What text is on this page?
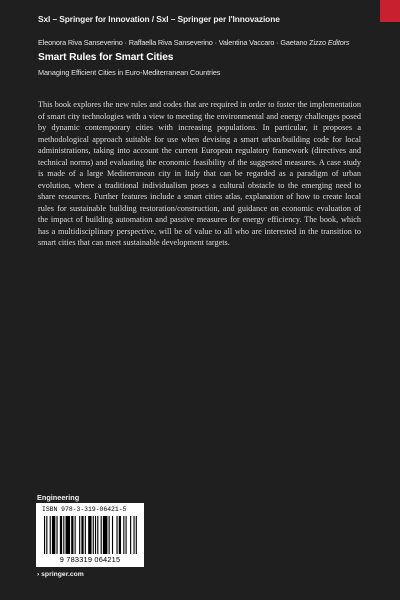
SxI – Springer for Innovation / SxI – Springer per l'Innovazione
Eleonora Riva Sanseverino · Raffaella Riva Sanseverino · Valentina Vaccaro · Gaetano Zizzo Editors
Smart Rules for Smart Cities
Managing Efficient Cities in Euro-Mediterranean Countries

This book explores the new rules and codes that are required in order to foster the implementation of smart city technologies with a view to meeting the environmental and energy challenges posed by dynamic contemporary cities with increasing populations. In particular, it proposes a methodological approach suitable for use when devising a smart urban/building code for local administrations, taking into account the current European regulatory framework (directives and technical norms) and evaluating the economic feasibility of the suggested measures. A case study is made of a large Mediterranean city in Italy that can be regarded as a paradigm of urban evolution, where a traditional individualism poses a cultural obstacle to the emerging need to share resources. Further features include a smart cities atlas, explanation of how to create local rules for sustainable building restoration/construction, and guidance on economic evaluation of the impact of building automation and passive measures for energy efficiency. The book, which has a multidisciplinary perspective, will be of value to all who are interested in the transition to smart cities that can meet sustainable development targets.

Engineering
ISBN 978-3-319-06421-5
9 783319 064215
› springer.com
